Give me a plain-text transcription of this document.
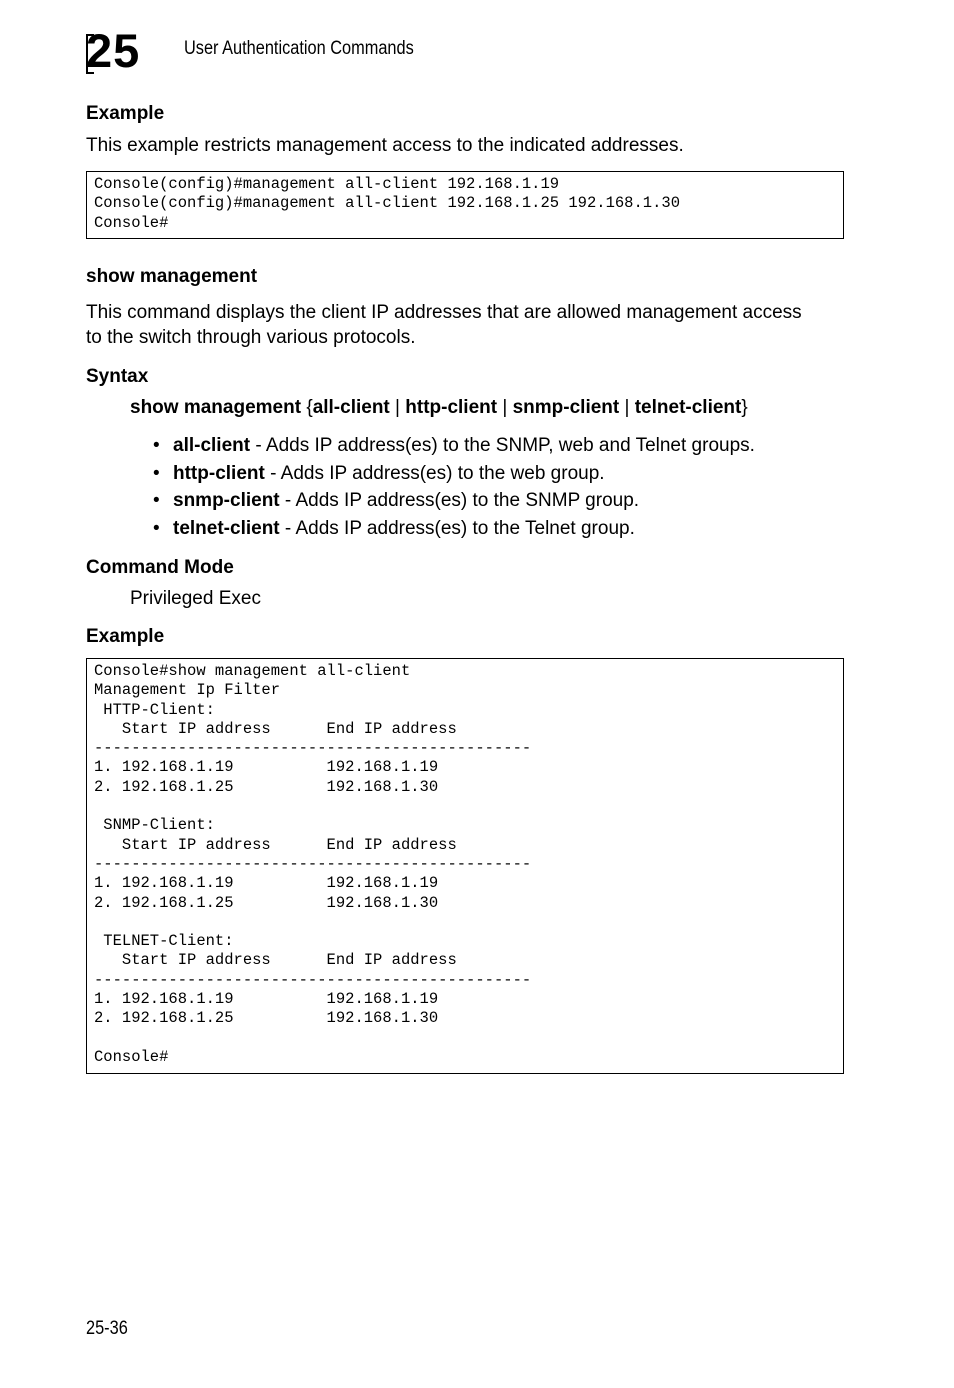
25	User Authentication Commands
Example
This example restricts management access to the indicated addresses.
Console(config)#management all-client 192.168.1.19
Console(config)#management all-client 192.168.1.25 192.168.1.30
Console#
show management
This command displays the client IP addresses that are allowed management access to the switch through various protocols.
Syntax
show management {all-client | http-client | snmp-client | telnet-client}
• all-client - Adds IP address(es) to the SNMP, web and Telnet groups.
• http-client - Adds IP address(es) to the web group.
• snmp-client - Adds IP address(es) to the SNMP group.
• telnet-client - Adds IP address(es) to the Telnet group.
Command Mode
Privileged Exec
Example
Console#show management all-client
Management Ip Filter
HTTP-Client:
Start IP address      End IP address
-----------------------------------------------
1. 192.168.1.19          192.168.1.19
2. 192.168.1.25          192.168.1.30

SNMP-Client:
Start IP address      End IP address
-----------------------------------------------
1. 192.168.1.19          192.168.1.19
2. 192.168.1.25          192.168.1.30

TELNET-Client:
Start IP address      End IP address
-----------------------------------------------
1. 192.168.1.19          192.168.1.19
2. 192.168.1.25          192.168.1.30

Console#
25-36
